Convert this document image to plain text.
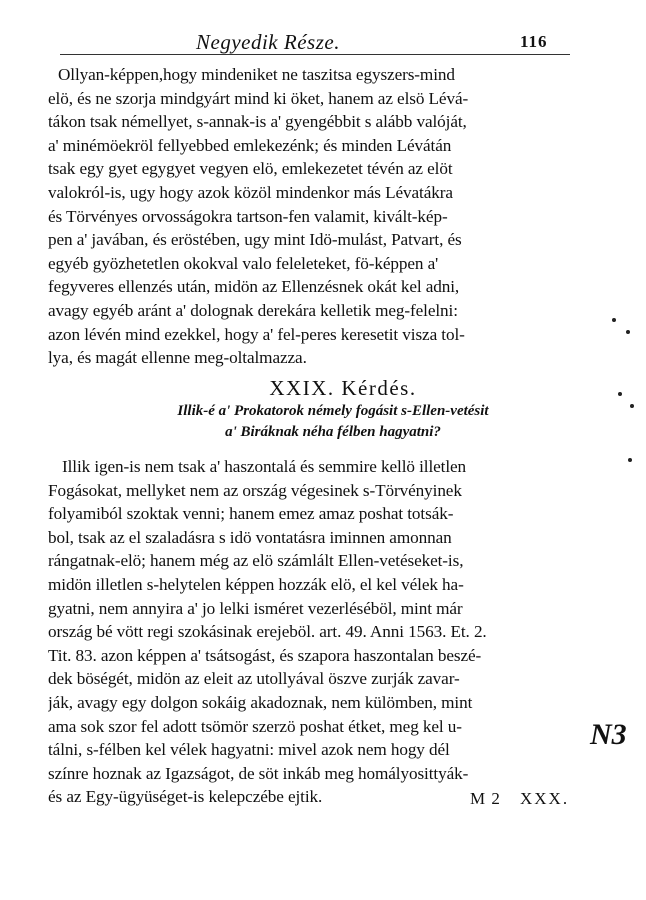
Negyedik Része.	116
Ollyan-képpen,hogy mindeniket ne taszitsa egyszers-mind
elö, és ne szorja mindgyárt mind ki öket, hanem az elsö Lévá-
tákon tsak némellyet, s-annak-is a' gyengébbit s alább valóját,
a' minémöekröl fellyebbed emlekezénk; és minden Lévátán
tsak egy gyet egygyet vegyen elö, emlekezetet tévén az elöt
valokról-is, ugy hogy azok közöl mindenkor más Lévatákra
és Törvényes orvosságokra tartson-fen valamit, kivált-kép-
pen a' javában, és eröstében, ugy mint Idö-mulást, Patvart, és
egyéb gyözhetetlen okokval valo feleleteket, fö-képpen a'
fegyveres ellenzés után, midön az Ellenzésnek okát kel adni,
avagy egyéb aránt a' dolognak derekára kelletik meg-felelni:
azon lévén mind ezekkel, hogy a' fel-peres keresetit visza tol-
lya, és magát ellenne meg-oltalmazza.
XXIX. Kérdés.
Illik-é a' Prokatorok némely fogásit s-Ellen-vetésit
a' Biráknak néha félben hagyatni?
Illik igen-is nem tsak a' haszontalá és semmire kellö illetlen
Fogásokat, mellyket nem az ország végesinek s-Törvényinek
folyamiból szoktak venni; hanem emez amaz poshat totsák-
bol, tsak az el szaladásra s idö vontatásra iminnen amonnan
rángatnak-elö; hanem még az elö számlált Ellen-vetéseket-is,
midön illetlen s-helytelen képpen hozzák elö, el kel vélek ha-
gyatni, nem annyira a' jo lelki isméret vezerléséböl, mint már
ország bé vött regi szokásinak erejeböl. art. 49. Anni 1563. Et. 2.
Tit. 83. azon képpen a' tsátsogást, és szapora haszontalan beszé-
dek böségét, midön az eleit az utollyával öszve zurják zavar-
ják, avagy egy dolgon sokáig akadoznak, nem külömben, mint
ama sok szor fel adott tsömör szerzö poshat étket, meg kel u-
tálni, s-félben kel vélek hagyatni: mivel azok nem hogy dél
színre hoznak az Igazságot, de söt inkáb meg homályosittyák-
és az Egy-ügyüséget-is kelepczébe ejtik.	M 2 XXX.
N3
